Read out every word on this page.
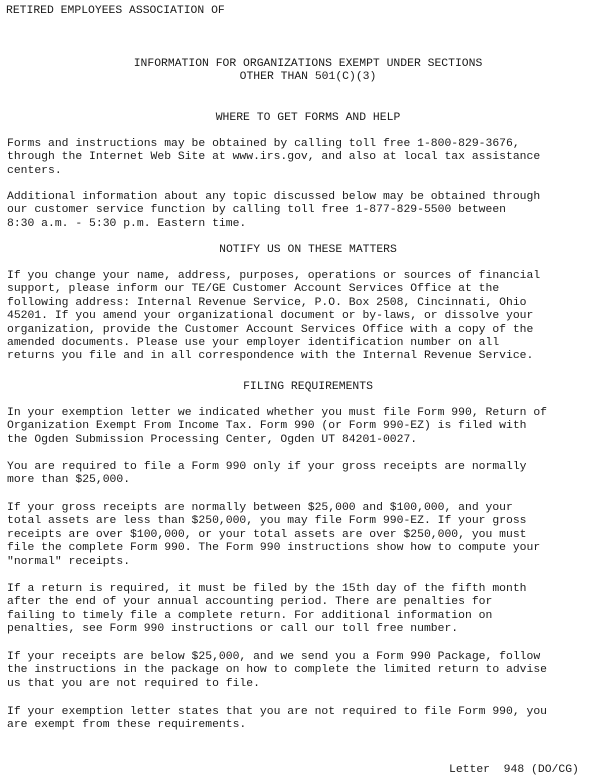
RETIRED EMPLOYEES ASSOCIATION OF
INFORMATION FOR ORGANIZATIONS EXEMPT UNDER SECTIONS
OTHER THAN 501(C)(3)
WHERE TO GET FORMS AND HELP
Forms and instructions may be obtained by calling toll free 1-800-829-3676,
through the Internet Web Site at www.irs.gov, and also at local tax assistance
centers.
Additional information about any topic discussed below may be obtained through
our customer service function by calling toll free 1-877-829-5500 between
8:30 a.m. - 5:30 p.m. Eastern time.
NOTIFY US ON THESE MATTERS
If you change your name, address, purposes, operations or sources of financial
support, please inform our TE/GE Customer Account Services Office at the
following address: Internal Revenue Service, P.O. Box 2508, Cincinnati, Ohio
45201. If you amend your organizational document or by-laws, or dissolve your
organization, provide the Customer Account Services Office with a copy of the
amended documents. Please use your employer identification number on all
returns you file and in all correspondence with the Internal Revenue Service.
FILING REQUIREMENTS
In your exemption letter we indicated whether you must file Form 990, Return of
Organization Exempt From Income Tax. Form 990 (or Form 990-EZ) is filed with
the Ogden Submission Processing Center, Ogden UT 84201-0027.
You are required to file a Form 990 only if your gross receipts are normally
more than $25,000.
If your gross receipts are normally between $25,000 and $100,000, and your
total assets are less than $250,000, you may file Form 990-EZ. If your gross
receipts are over $100,000, or your total assets are over $250,000, you must
file the complete Form 990. The Form 990 instructions show how to compute your
"normal" receipts.
If a return is required, it must be filed by the 15th day of the fifth month
after the end of your annual accounting period. There are penalties for
failing to timely file a complete return. For additional information on
penalties, see Form 990 instructions or call our toll free number.
If your receipts are below $25,000, and we send you a Form 990 Package, follow
the instructions in the package on how to complete the limited return to advise
us that you are not required to file.
If your exemption letter states that you are not required to file Form 990, you
are exempt from these requirements.
Letter  948 (DO/CG)
